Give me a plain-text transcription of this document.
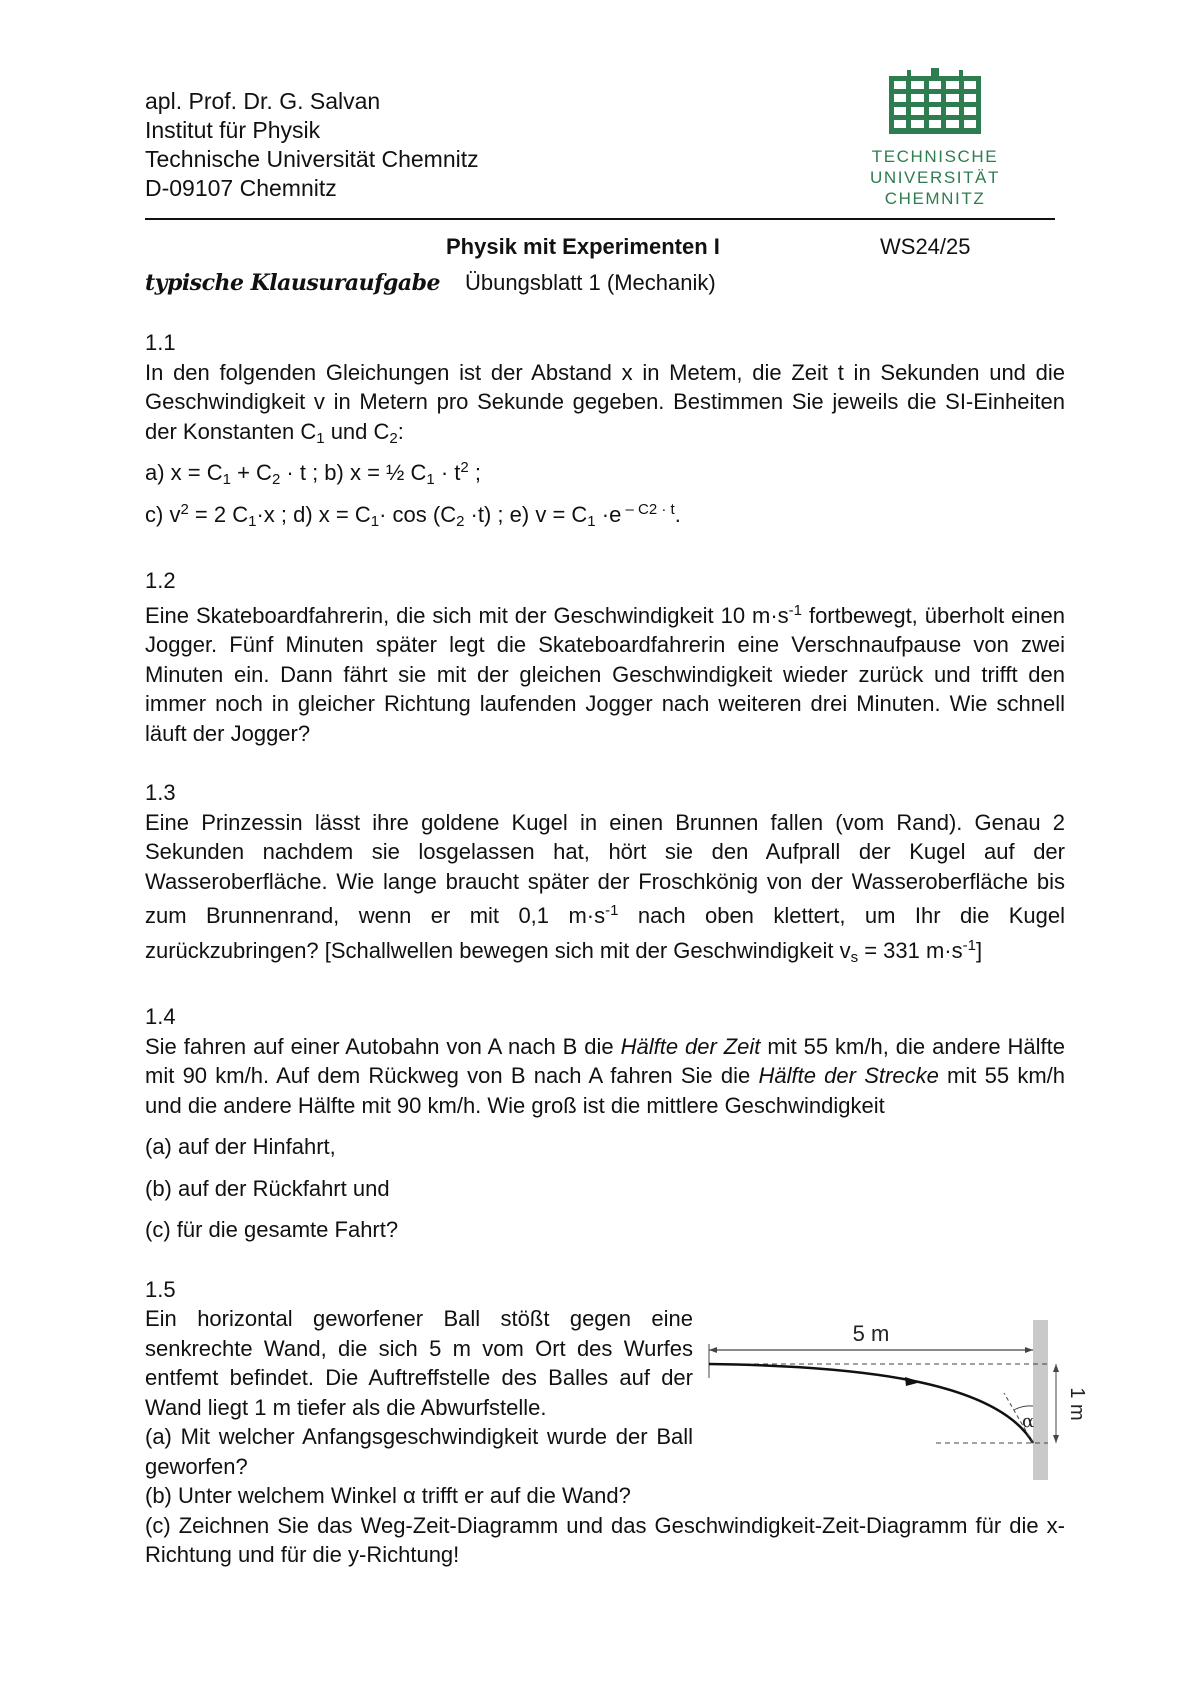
apl. Prof. Dr. G. Salvan
Institut für Physik
Technische Universität Chemnitz
D-09107 Chemnitz
TECHNISCHE UNIVERSITÄT
CHEMNITZ
Physik mit Experimenten I	WS24/25
typische Klausuraufgabe Übungsblatt 1 (Mechanik)
1.1
In den folgenden Gleichungen ist der Abstand x in Metem, die Zeit t in Sekunden und die Geschwindigkeit v in Metern pro Sekunde gegeben. Bestimmen Sie jeweils die SI-Einheiten der Konstanten $C_1$ und $C_2$:
a) $x = C_1 + C_2 \cdot t$ ; b) x = ½ $C_1 \cdot t^2$ ;
c) $v^2 = 2$ $C_1\cdot x$ ; d) $x = C_1\cdot \cos (C_2 \cdot t)$ ; e) $v = C_1 \cdot e$ $^{- C2 \cdot t}$.
1.2
Eine Skateboardfahrerin, die sich mit der Geschwindigkeit 10 $m\cdot s^{-1}$ fortbewegt, überholt einen Jogger. Fünf Minuten später legt die Skateboardfahrerin eine Verschnaufpause von zwei Minuten ein. Dann fährt sie mit der gleichen Geschwindigkeit wieder zurück und trifft den immer noch in gleicher Richtung laufenden Jogger nach weiteren drei Minuten. Wie schnell läuft der Jogger?
1.3
Eine Prinzessin lässt ihre goldene Kugel in einen Brunnen fallen (vom Rand). Genau 2 Sekunden nachdem sie losgelassen hat, hört sie den Aufprall der Kugel auf der Wasseroberfläche. Wie lange braucht später der Froschkönig von der Wasseroberfläche bis zum Brunnenrand, wenn er mit 0,1 $m\cdot s^{-1}$ nach oben klettert, um Ihr die Kugel zurückzubringen? [Schallwellen bewegen sich mit der Geschwindigkeit $v_s = 331$ $m\cdot s^{-1}$]
1.4
Sie fahren auf einer Autobahn von A nach B die Hälfte der Zeit mit 55 km/h, die andere Hälfte mit 90 km/h. Auf dem Rückweg von B nach A fahren Sie die Hälfte der Strecke mit 55 km/h und die andere Hälfte mit 90 km/h. Wie groß ist die mittlere Geschwindigkeit
(a) auf der Hinfahrt,
(b) auf der Rückfahrt und
(c) für die gesamte Fahrt?
1.5
Ein horizontal geworfener Ball stößt gegen eine senkrechte Wand, die sich 5 m vom Ort des Wurfes entfemt befindet. Die Auftreffstelle des Balles auf der Wand liegt 1 m tiefer als die Abwurfstelle.
(a) Mit welcher Anfangsgeschwindigkeit wurde der Ball geworfen?
(b) Unter welchem Winkel α trifft er auf die Wand?
(c) Zeichnen Sie das Weg-Zeit-Diagramm und das Geschwindigkeit-Zeit-Diagramm für die x-Richtung und für die y-Richtung!
5 m
α
1 m
